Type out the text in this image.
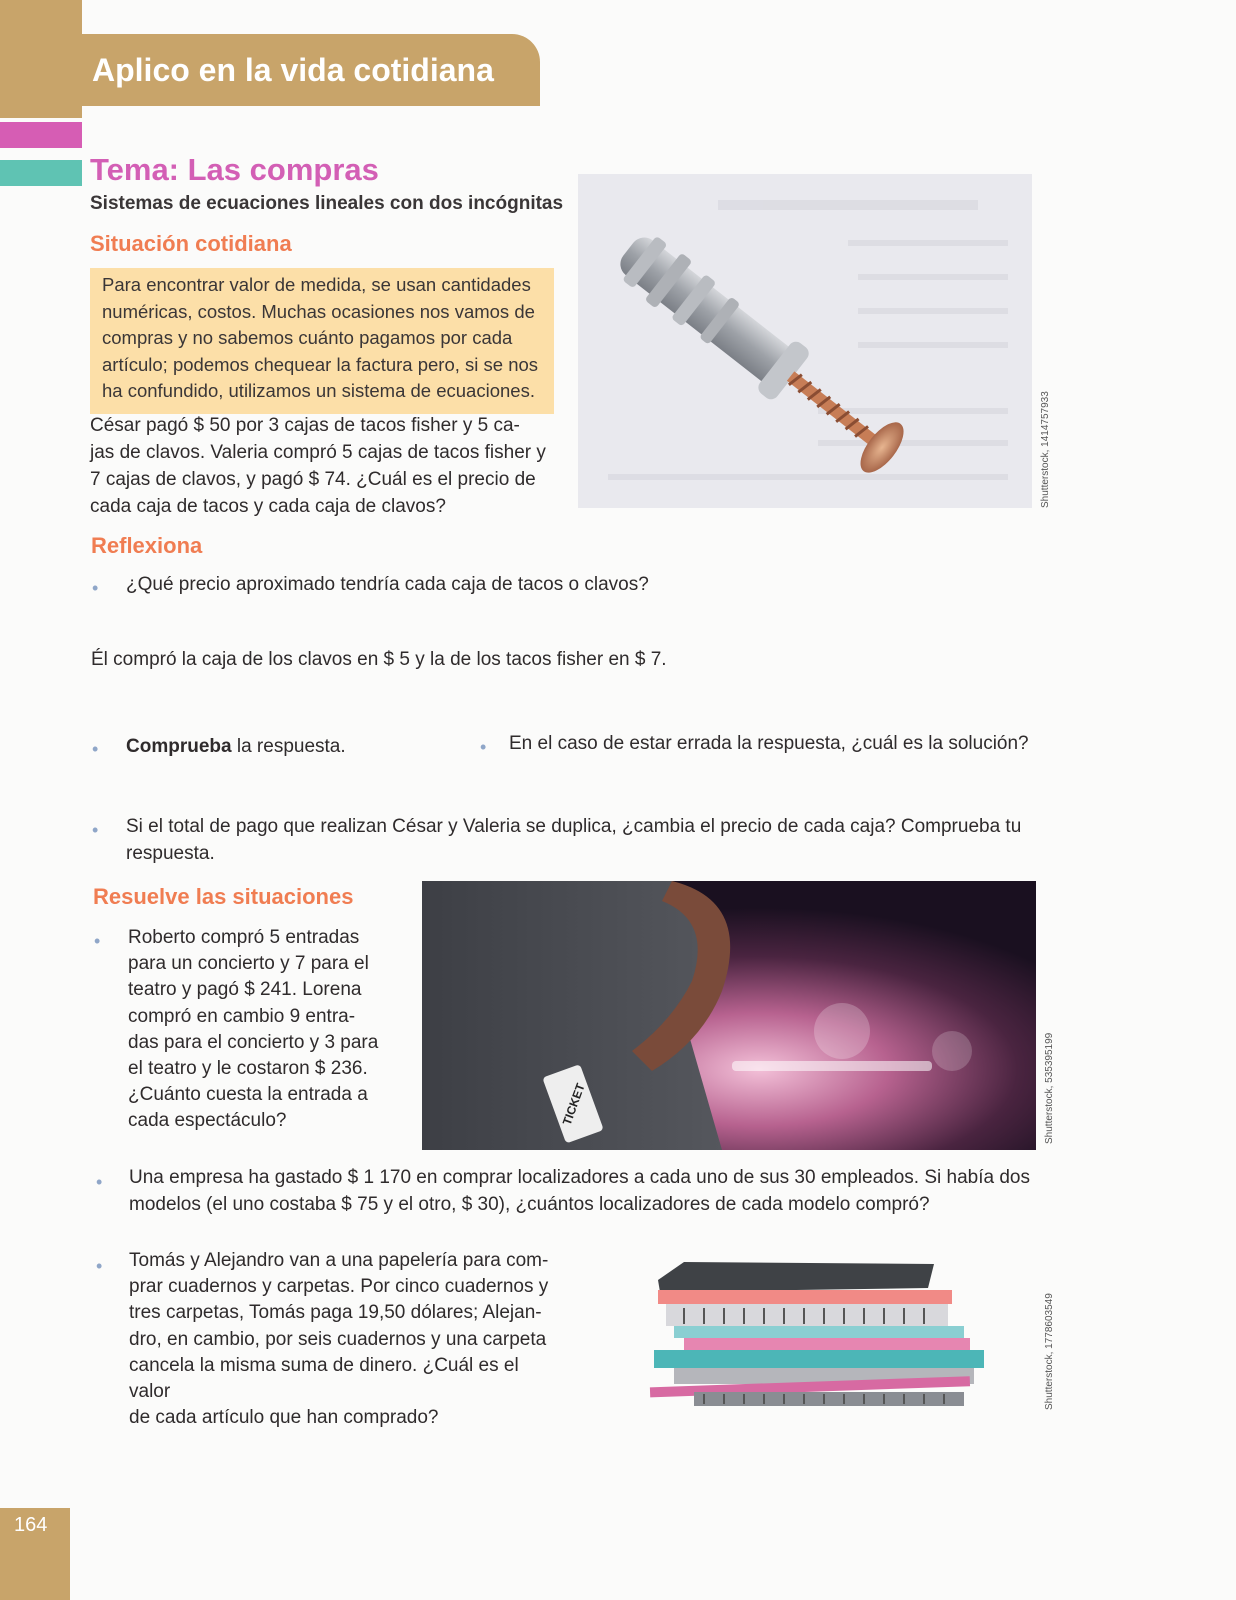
Aplico en la vida cotidiana
Tema: Las compras
Sistemas de ecuaciones lineales con dos incógnitas
Situación cotidiana
Para encontrar valor de medida, se usan cantidades
numéricas, costos. Muchas ocasiones nos vamos de
compras y no sabemos cuánto pagamos por cada
artículo; podemos chequear la factura pero, si se nos
ha confundido, utilizamos un sistema de ecuaciones.
César pagó $ 50 por 3 cajas de tacos fisher y 5 ca-
jas de clavos. Valeria compró 5 cajas de tacos fisher y
7 cajas de clavos, y pagó $ 74. ¿Cuál es el precio de
cada caja de tacos y cada caja de clavos?	Shutterstock, 1414757933
Reflexiona
• ¿Qué precio aproximado tendría cada caja de tacos o clavos?
Él compró la caja de los clavos en $ 5 y la de los tacos fisher en $ 7.
• Comprueba la respuesta.	• En el caso de estar errada la respuesta, ¿cuál es la solución?
• Si el total de pago que realizan César y Valeria se duplica, ¿cambia el precio de cada caja? Comprueba tu
respuesta.
Resuelve las situaciones
• Roberto compró 5 entradas
para un concierto y 7 para el
teatro y pagó $ 241. Lorena
compró en cambio 9 entra-
das para el concierto y 3 para
el teatro y le costaron $ 236.
¿Cuánto cuesta la entrada a
cada espectáculo?	TICKET	Shutterstock, 535395199
• Una empresa ha gastado $ 1 170 en comprar localizadores a cada uno de sus 30 empleados. Si había dos
modelos (el uno costaba $ 75 y el otro, $ 30), ¿cuántos localizadores de cada modelo compró?
• Tomás y Alejandro van a una papelería para com-
prar cuadernos y carpetas. Por cinco cuadernos y
tres carpetas, Tomás paga 19,50 dólares; Alejan-
dro, en cambio, por seis cuadernos y una carpeta
cancela la misma suma de dinero. ¿Cuál es el valor
de cada artículo que han comprado?
Shutterstock, 1778603549
164
